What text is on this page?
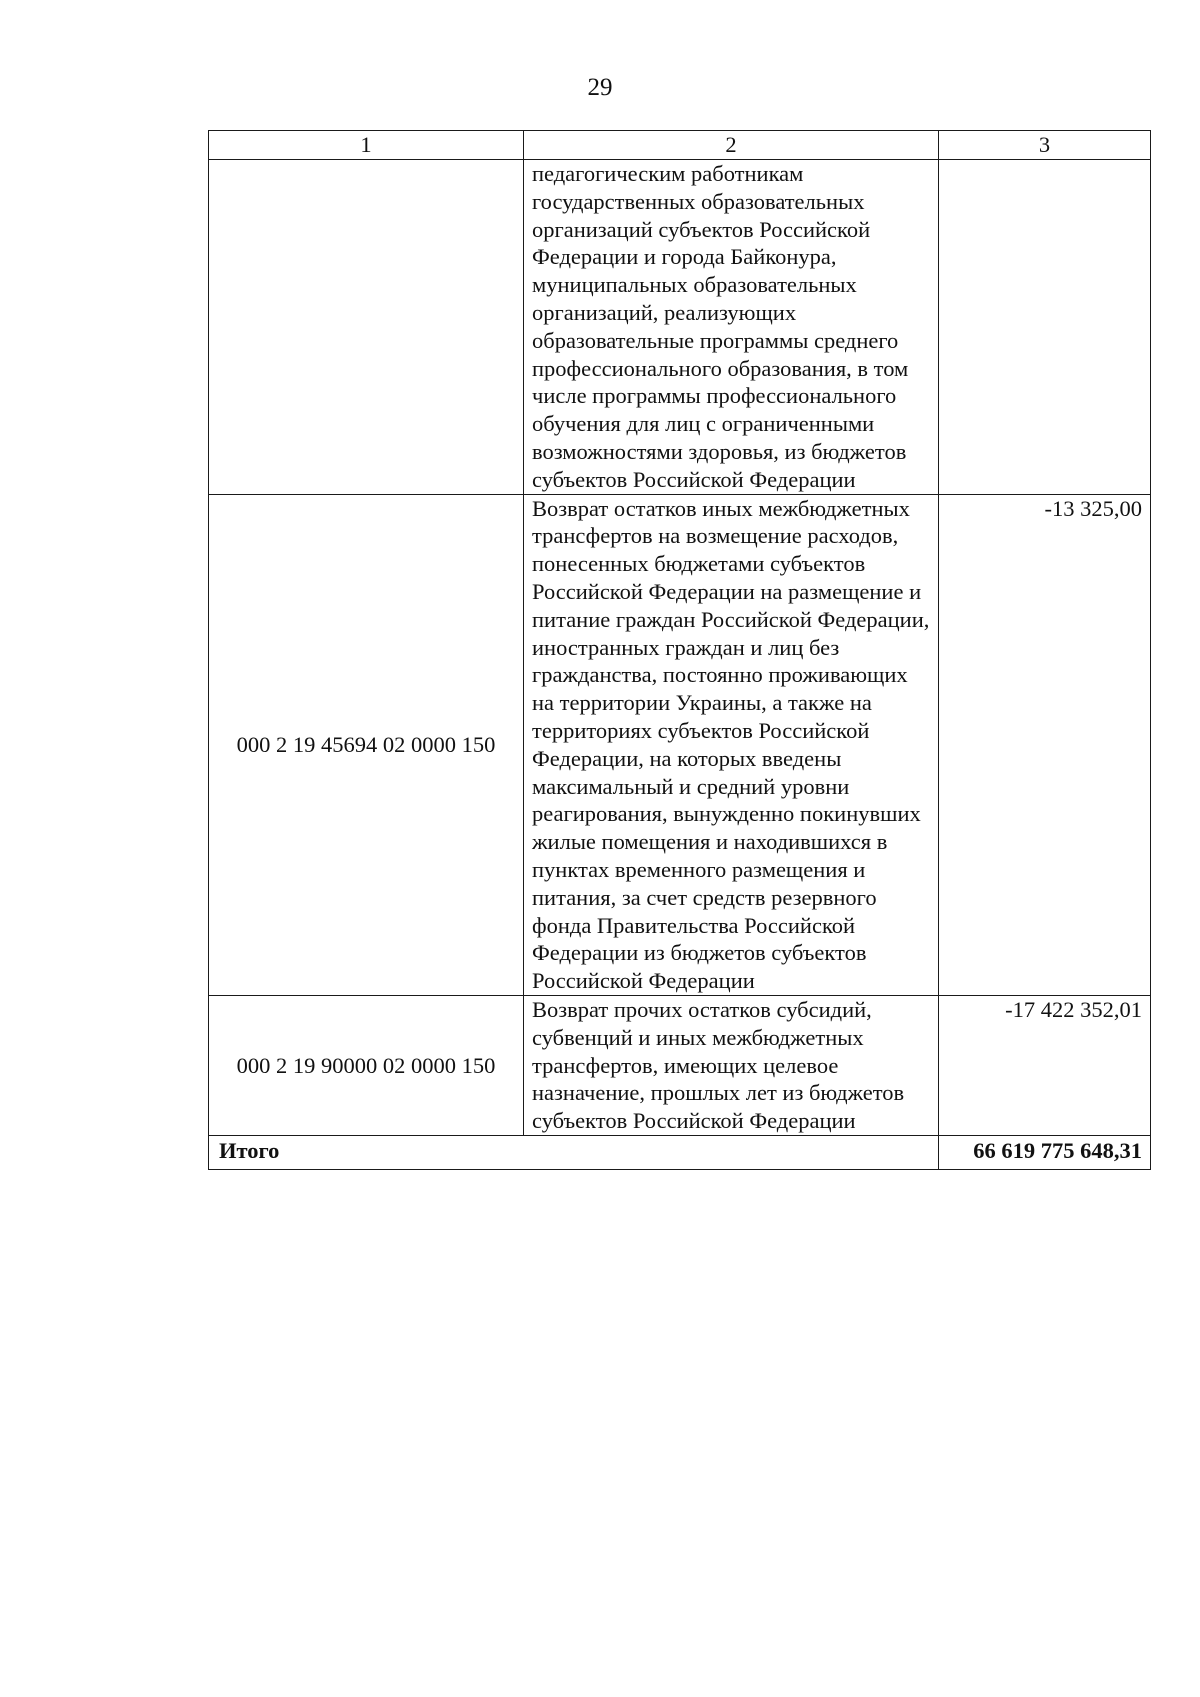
29
1	2	3
	педагогическим работникам государственных образовательных организаций субъектов Российской Федерации и города Байконура, муниципальных образовательных организаций, реализующих образовательные программы среднего профессионального образования, в том числе программы профессионального обучения для лиц с ограниченными возможностями здоровья, из бюджетов субъектов Российской Федерации	
000 2 19 45694 02 0000 150	Возврат остатков иных межбюджетных трансфертов на возмещение расходов, понесенных бюджетами субъектов Российской Федерации на размещение и питание граждан Российской Федерации, иностранных граждан и лиц без гражданства, постоянно проживающих на территории Украины, а также на территориях субъектов Российской Федерации, на которых введены максимальный и средний уровни реагирования, вынужденно покинувших жилые помещения и находившихся в пунктах временного размещения и питания, за счет средств резервного фонда Правительства Российской Федерации из бюджетов субъектов Российской Федерации	-13 325,00
000 2 19 90000 02 0000 150	Возврат прочих остатков субсидий, субвенций и иных межбюджетных трансфертов, имеющих целевое назначение, прошлых лет из бюджетов субъектов Российской Федерации	-17 422 352,01
Итого		66 619 775 648,31
